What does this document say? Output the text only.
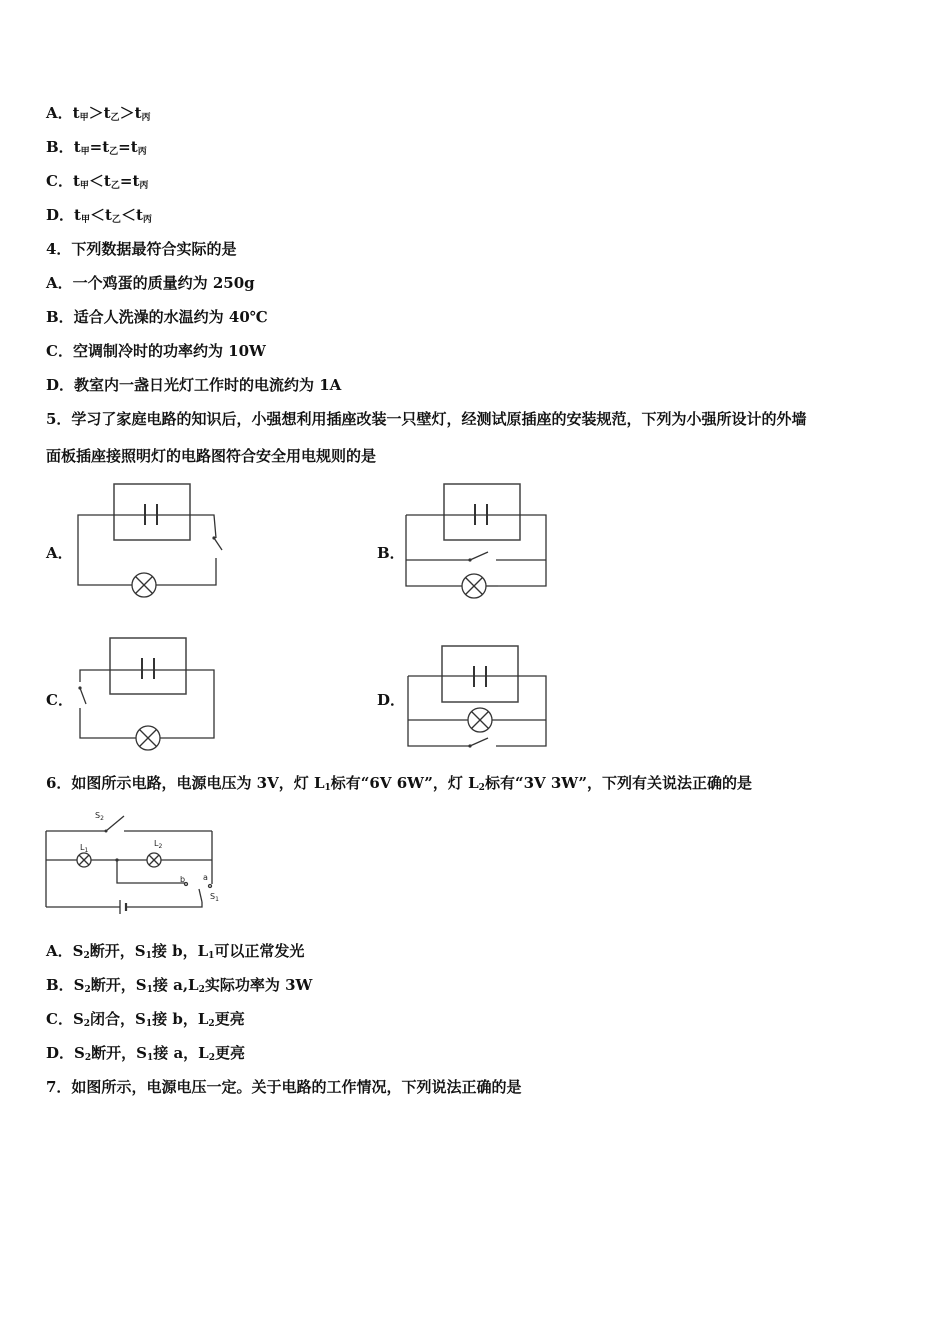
A．$t_甲>t_乙>t_丙$
B．$t_甲=t_乙=t_丙$
C．$t_甲<t_乙=t_丙$
D．$t_甲<t_乙<t_丙$
4．下列数据最符合实际的是
A．一个鸡蛋的质量约为 250g
B．适合人洗澡的水温约为 40℃
C．空调制冷时的功率约为 10W
D．教室内一盏日光灯工作时的电流约为 1A
5．学习了家庭电路的知识后，小强想利用插座改装一只壁灯，经测试原插座的安装规范，下列为小强所设计的外墙
面板插座接照明灯的电路图符合安全用电规则的是
A．	B．
C．	D．
6．如图所示电路，电源电压为 3V，灯 $L_1$标有“6V 6W”，灯 $L_2$标有“3V 3W”，下列有关说法正确的是
$S_2$
$L_1$
$L_2$
b a
$S_1$
A．$S_2$断开，$S_1$接 b，$L_1$可以正常发光
B．$S_2$断开，$S_1$接 $a,L_2$实际功率为 3W
C．$S_2$闭合，$S_1$接 b，$L_2$更亮
D．$S_2$断开，$S_1$接 a，$L_2$更亮
7．如图所示，电源电压一定。关于电路的工作情况，下列说法正确的是
